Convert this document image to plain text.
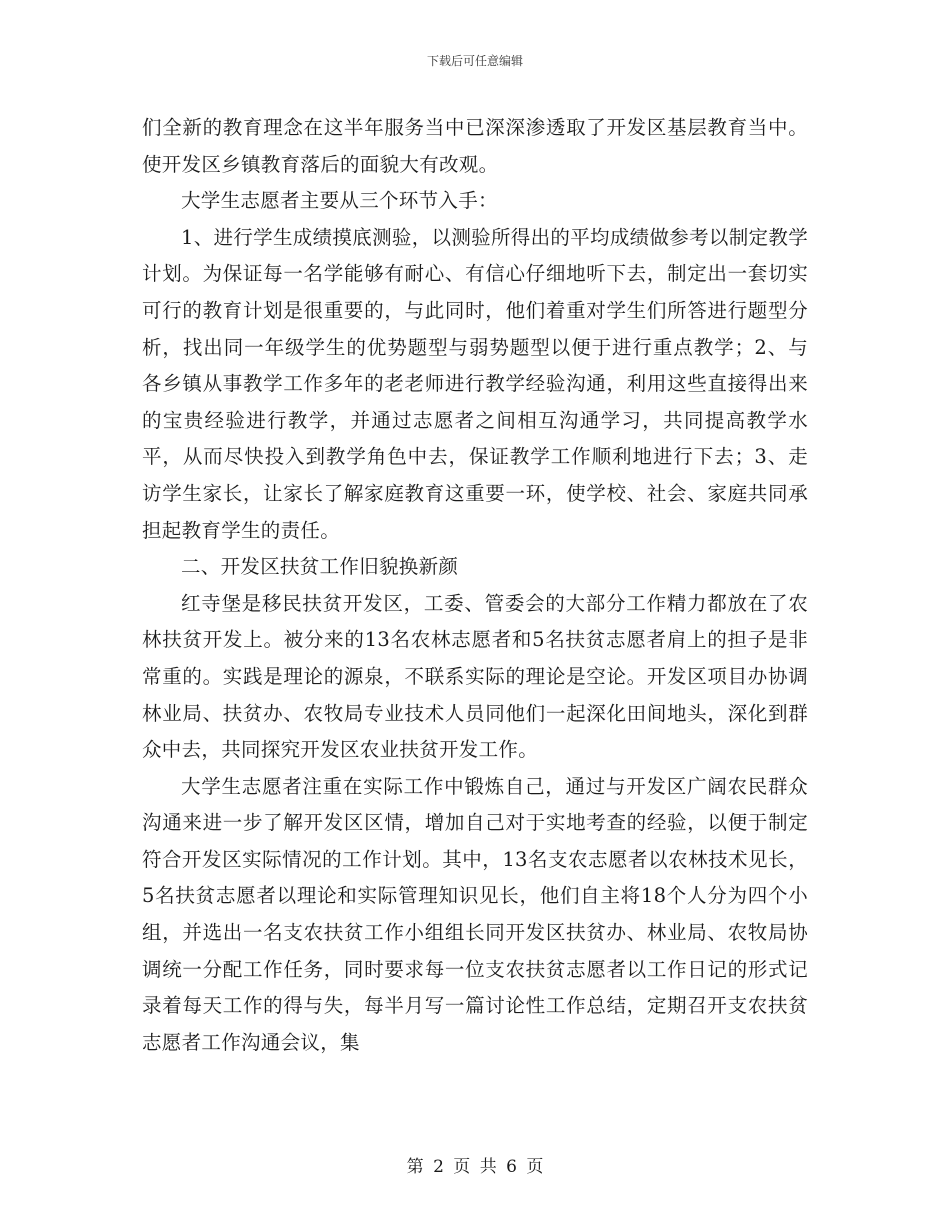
下载后可任意编辑

们全新的教育理念在这半年服务当中已深深渗透取了开发区基层教育当中。使开发区乡镇教育落后的面貌大有改观。

大学生志愿者主要从三个环节入手：

1、进行学生成绩摸底测验，以测验所得出的平均成绩做参考以制定教学计划。为保证每一名学能够有耐心、有信心仔细地听下去，制定出一套切实可行的教育计划是很重要的，与此同时，他们着重对学生们所答进行题型分析，找出同一年级学生的优势题型与弱势题型以便于进行重点教学；2、与各乡镇从事教学工作多年的老老师进行教学经验沟通，利用这些直接得出来的宝贵经验进行教学，并通过志愿者之间相互沟通学习，共同提高教学水平，从而尽快投入到教学角色中去，保证教学工作顺利地进行下去；3、走访学生家长，让家长了解家庭教育这重要一环，使学校、社会、家庭共同承担起教育学生的责任。

二、开发区扶贫工作旧貌换新颜

红寺堡是移民扶贫开发区，工委、管委会的大部分工作精力都放在了农林扶贫开发上。被分来的13名农林志愿者和5名扶贫志愿者肩上的担子是非常重的。实践是理论的源泉，不联系实际的理论是空论。开发区项目办协调林业局、扶贫办、农牧局专业技术人员同他们一起深化田间地头，深化到群众中去，共同探究开发区农业扶贫开发工作。

大学生志愿者注重在实际工作中锻炼自己，通过与开发区广阔农民群众沟通来进一步了解开发区区情，增加自己对于实地考查的经验，以便于制定符合开发区实际情况的工作计划。其中，13名支农志愿者以农林技术见长，5名扶贫志愿者以理论和实际管理知识见长，他们自主将18个人分为四个小组，并选出一名支农扶贫工作小组组长同开发区扶贫办、林业局、农牧局协调统一分配工作任务，同时要求每一位支农扶贫志愿者以工作日记的形式记录着每天工作的得与失，每半月写一篇讨论性工作总结，定期召开支农扶贫志愿者工作沟通会议，集

第 2 页 共 6 页
